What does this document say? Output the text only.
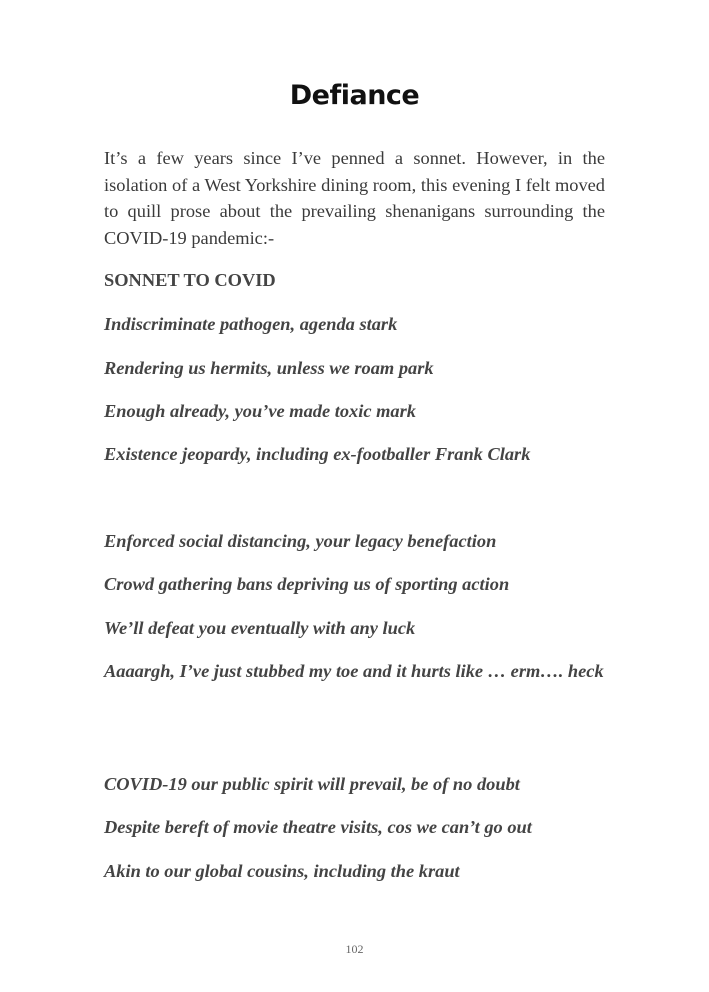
Defiance

It’s a few years since I’ve penned a sonnet. However, in the isolation of a West Yorkshire dining room, this evening I felt moved to quill prose about the prevailing shenanigans surrounding the COVID-19 pandemic:-

SONNET TO COVID

Indiscriminate pathogen, agenda stark

Rendering us hermits, unless we roam park

Enough already, you’ve made toxic mark

Existence jeopardy, including ex-footballer Frank Clark

Enforced social distancing, your legacy benefaction

Crowd gathering bans depriving us of sporting action

We’ll defeat you eventually with any luck

Aaaargh, I’ve just stubbed my toe and it hurts like … erm…. heck

COVID-19 our public spirit will prevail, be of no doubt

Despite bereft of movie theatre visits, cos we can’t go out

Akin to our global cousins, including the kraut

102
